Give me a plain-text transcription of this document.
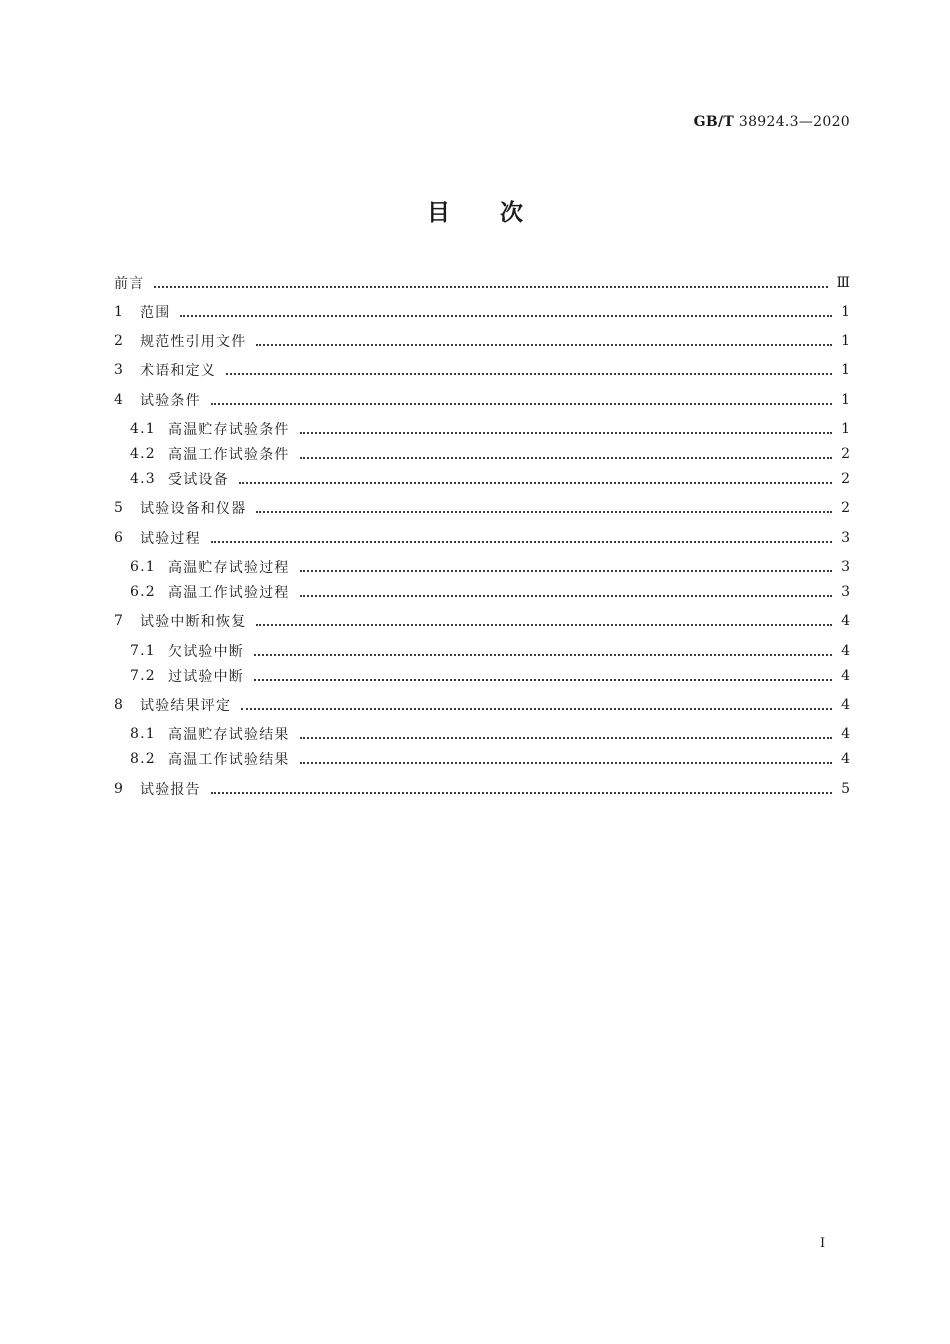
GB/T 38924.3—2020
目次
前言	Ⅲ
1	范围	1
2	规范性引用文件	1
3	术语和定义	1
4	试验条件	1
4.1 高温贮存试验条件	1
4.2 高温工作试验条件	2
4.3 受试设备	2
5	试验设备和仪器	2
6	试验过程	3
6.1 高温贮存试验过程	3
6.2 高温工作试验过程	3
7	试验中断和恢复	4
7.1 欠试验中断	4
7.2 过试验中断	4
8	试验结果评定	4
8.1 高温贮存试验结果	4
8.2 高温工作试验结果	4
9	试验报告	5
I
